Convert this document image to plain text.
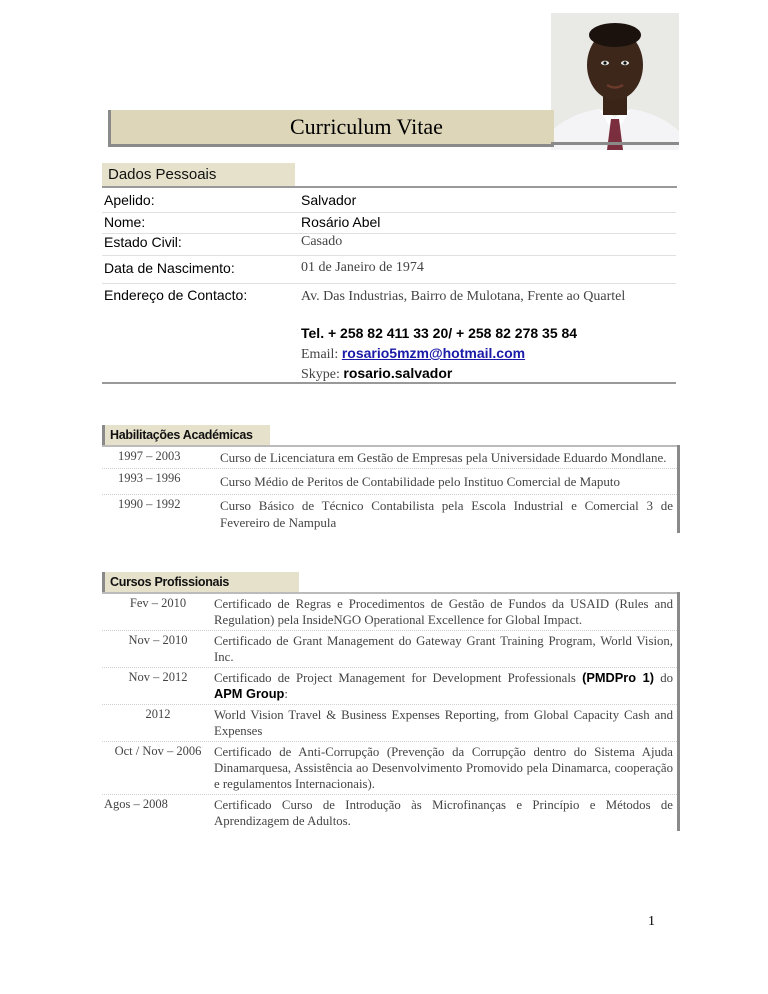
Curriculum Vitae
Dados Pessoais
Apelido:	Salvador
Nome:	Rosário Abel
Estado Civil:	Casado
Data de Nascimento:	01 de Janeiro de 1974
Endereço de Contacto:	Av. Das Industrias, Bairro de Mulotana, Frente ao Quartel
Tel. + 258 82 411 33 20/ + 258 82 278 35 84
Email: rosario5mzm@hotmail.com
Skype: rosario.salvador
Habilitações Académicas
1997 – 2003	Curso de Licenciatura em Gestão de Empresas pela Universidade Eduardo Mondlane.
1993 – 1996	Curso Médio de Peritos de Contabilidade pelo Instituo Comercial de Maputo
1990 – 1992	Curso Básico de Técnico Contabilista pela Escola Industrial e Comercial 3 de Fevereiro de Nampula
Cursos Profissionais
Fev – 2010	Certificado de Regras e Procedimentos de Gestão de Fundos da USAID (Rules and Regulation) pela InsideNGO Operational Excellence for Global Impact.
Nov – 2010	Certificado de Grant Management do Gateway Grant Training Program, World Vision, Inc.
Nov – 2012	Certificado de Project Management for Development Professionals (PMDPro 1) do APM Group:
2012	World Vision Travel & Business Expenses Reporting, from Global Capacity Cash and Expenses
Oct / Nov – 2006 Certificado de Anti-Corrupção (Prevenção da Corrupção dentro do Sistema Ajuda Dinamarquesa, Assistência ao Desenvolvimento Promovido pela Dinamarca, cooperação e regulamentos Internacionais).
Agos – 2008	Certificado Curso de Introdução às Microfinanças e Princípio e Métodos de Aprendizagem de Adultos.
1
